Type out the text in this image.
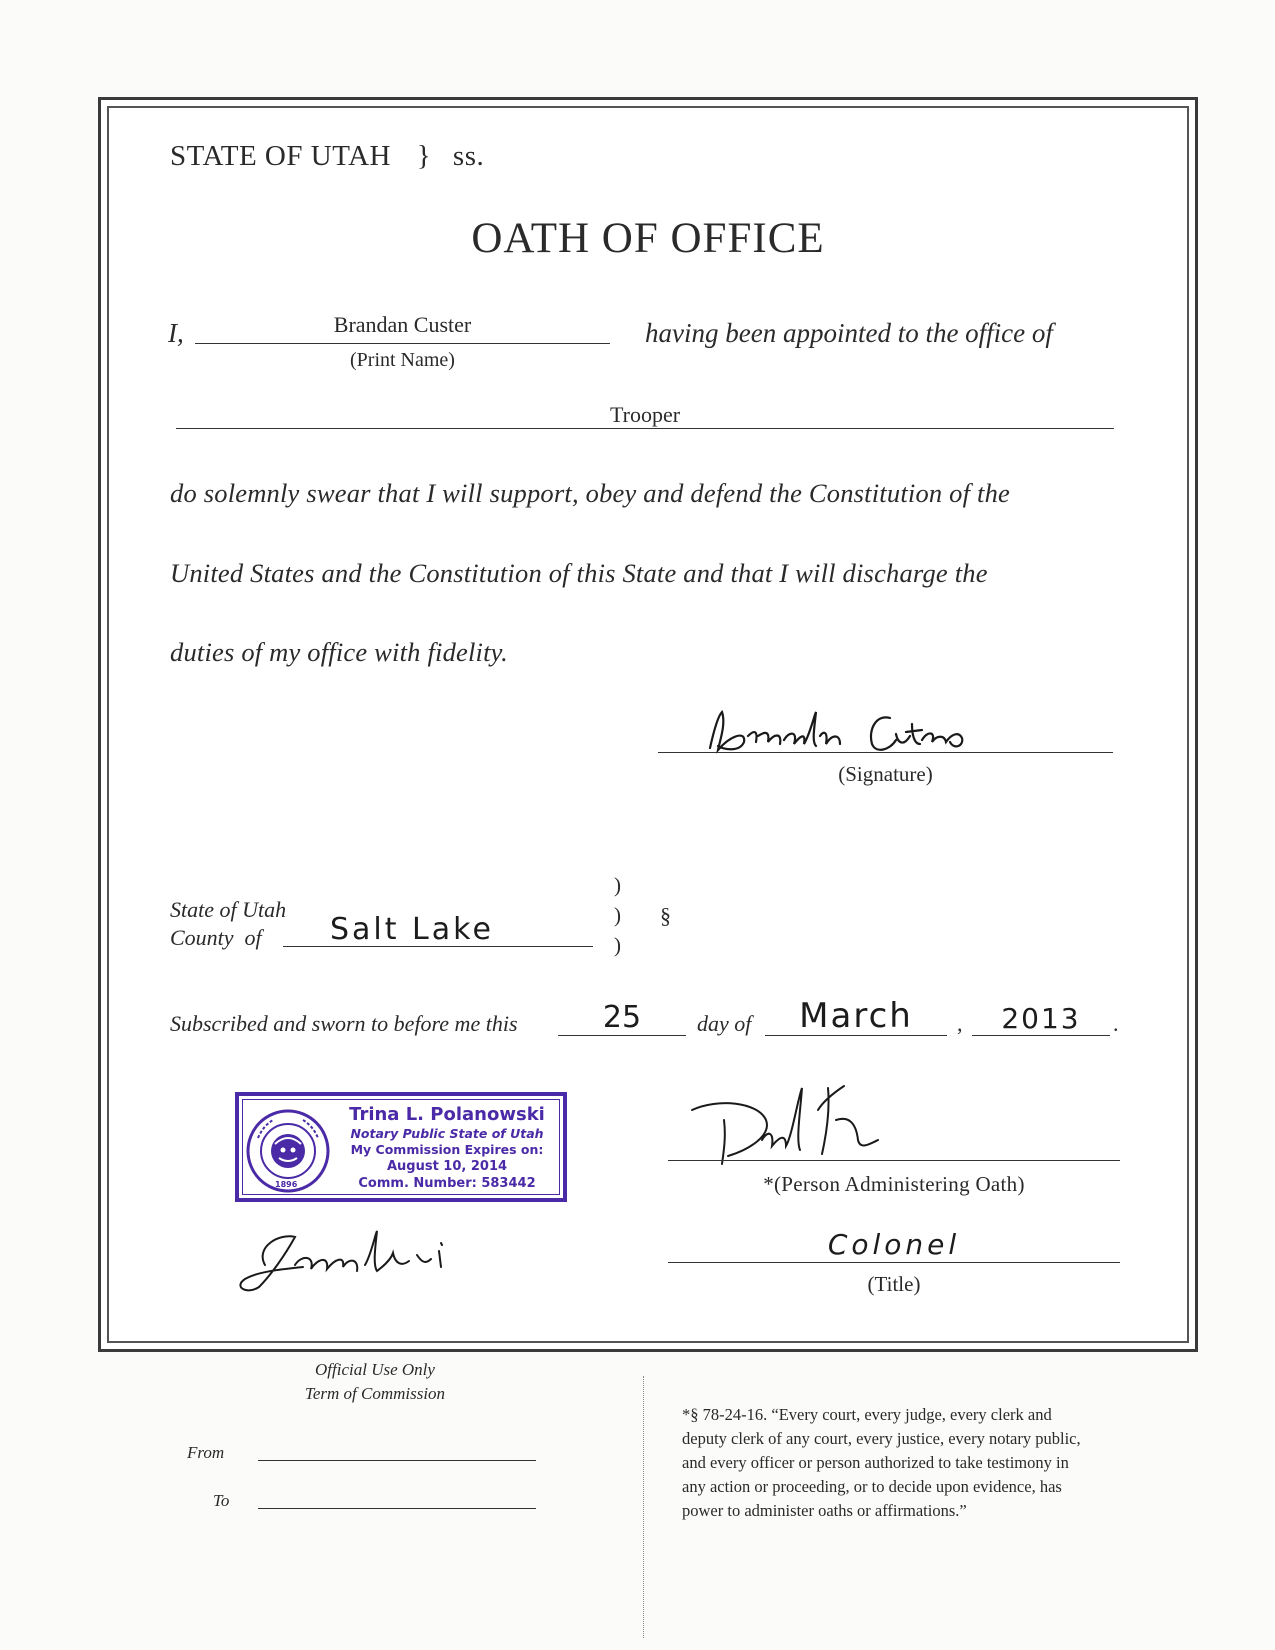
STATE OF UTAH } ss.
OATH OF OFFICE
I,	Brandan Custer
(Print Name)
having been appointed to the office of
Trooper
do solemnly swear that I will support, obey and defend the Constitution of the
United States and the Constitution of this State and that I will discharge the
duties of my office with fidelity.
(Signature)
State of Utah
County  of Salt Lake
)
)
)
§
Subscribed and sworn to before me this	25	day of	March	,	2013	.
1896
Trina L. Polanowski
Notary Public State of Utah
My Commission Expires on:
August 10, 2014
Comm. Number: 583442	*(Person Administering Oath)
Colonel
(Title)
Official Use Only
Term of Commission
From
To
*§ 78-24-16. “Every court, every judge, every clerk and
deputy clerk of any court, every justice, every notary public,
and every officer or person authorized to take testimony in
any action or proceeding, or to decide upon evidence, has
power to administer oaths or affirmations.”
